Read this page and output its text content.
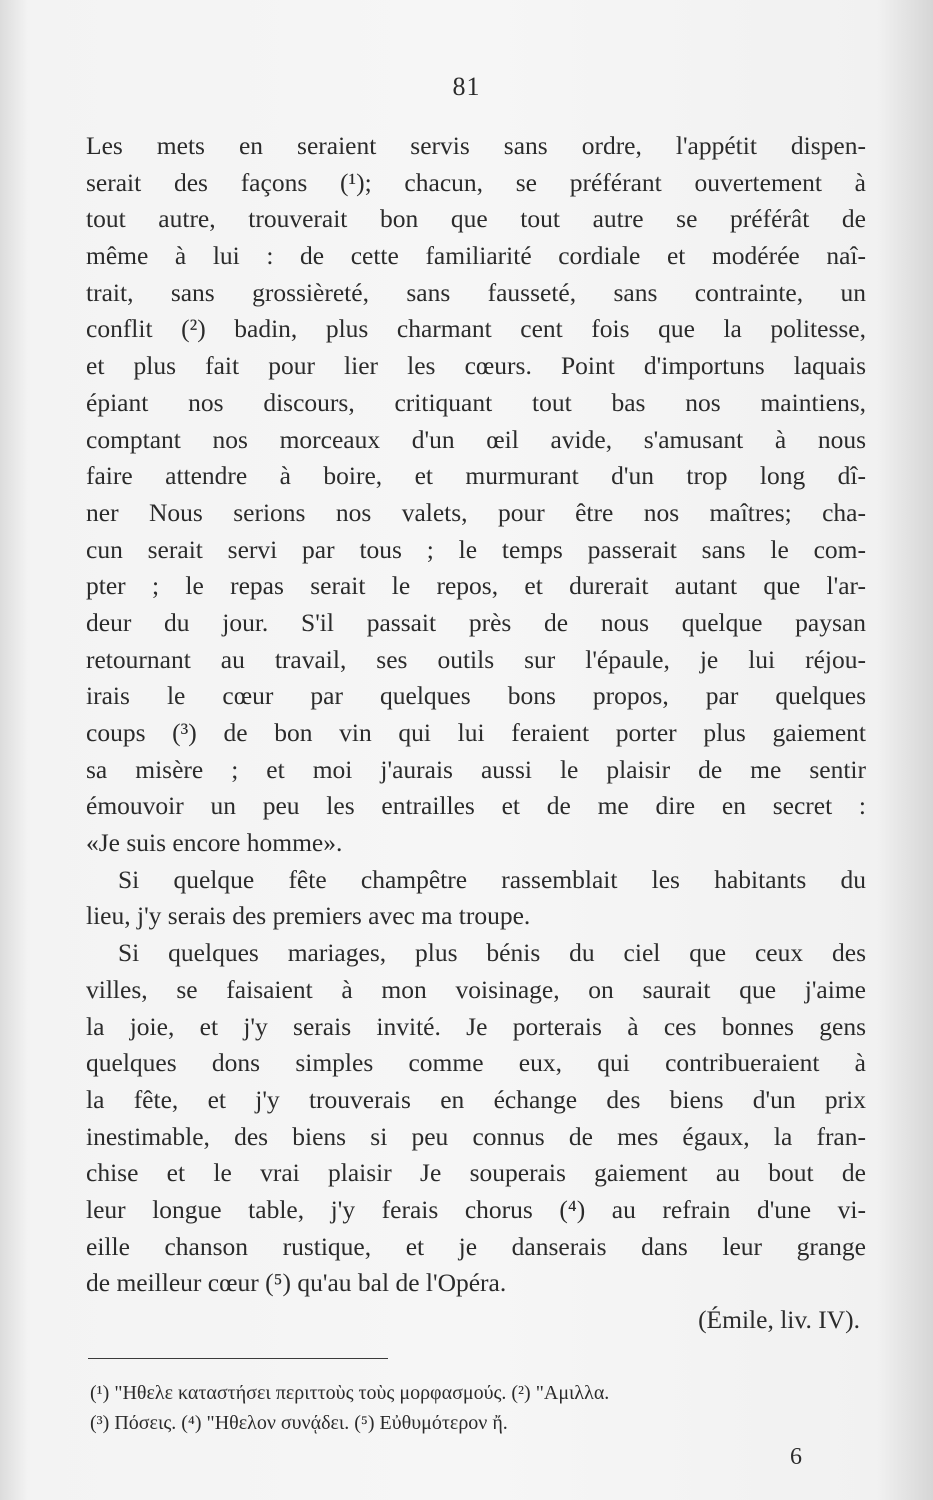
81
Les mets en seraient servis sans ordre, l'appétit dispen-
serait des façons (¹); chacun, se préférant ouvertement à
tout autre, trouverait bon que tout autre se préférât de
même à lui : de cette familiarité cordiale et modérée naî-
trait, sans grossièreté, sans fausseté, sans contrainte, un
conflit (²) badin, plus charmant cent fois que la politesse,
et plus fait pour lier les cœurs. Point d'importuns laquais
épiant nos discours, critiquant tout bas nos maintiens,
comptant nos morceaux d'un œil avide, s'amusant à nous
faire attendre à boire, et murmurant d'un trop long dî-
ner Nous serions nos valets, pour être nos maîtres; cha-
cun serait servi par tous ; le temps passerait sans le com-
pter ; le repas serait le repos, et durerait autant que l'ar-
deur du jour. S'il passait près de nous quelque paysan
retournant au travail, ses outils sur l'épaule, je lui réjou-
irais le cœur par quelques bons propos, par quelques
coups (³) de bon vin qui lui feraient porter plus gaiement
sa misère ; et moi j'aurais aussi le plaisir de me sentir
émouvoir un peu les entrailles et de me dire en secret :
«Je suis encore homme».
Si quelque fête champêtre rassemblait les habitants du
lieu, j'y serais des premiers avec ma troupe.
Si quelques mariages, plus bénis du ciel que ceux des
villes, se faisaient à mon voisinage, on saurait que j'aime
la joie, et j'y serais invité. Je porterais à ces bonnes gens
quelques dons simples comme eux, qui contribueraient à
la fête, et j'y trouverais en échange des biens d'un prix
inestimable, des biens si peu connus de mes égaux, la fran-
chise et le vrai plaisir Je souperais gaiement au bout de
leur longue table, j'y ferais chorus (⁴) au refrain d'une vi-
eille chanson rustique, et je danserais dans leur grange
de meilleur cœur (⁵) qu'au bal de l'Opéra.
(Émile, liv. IV).
(¹) "Ηθελε καταστήσει περιττοὺς τοὺς μορφασμούς. (²) "Αμιλλα.
(³) Πόσεις. (⁴) "Ηθελον συνᾴδει. (⁵) Εὐθυμότερον ἤ.
6
